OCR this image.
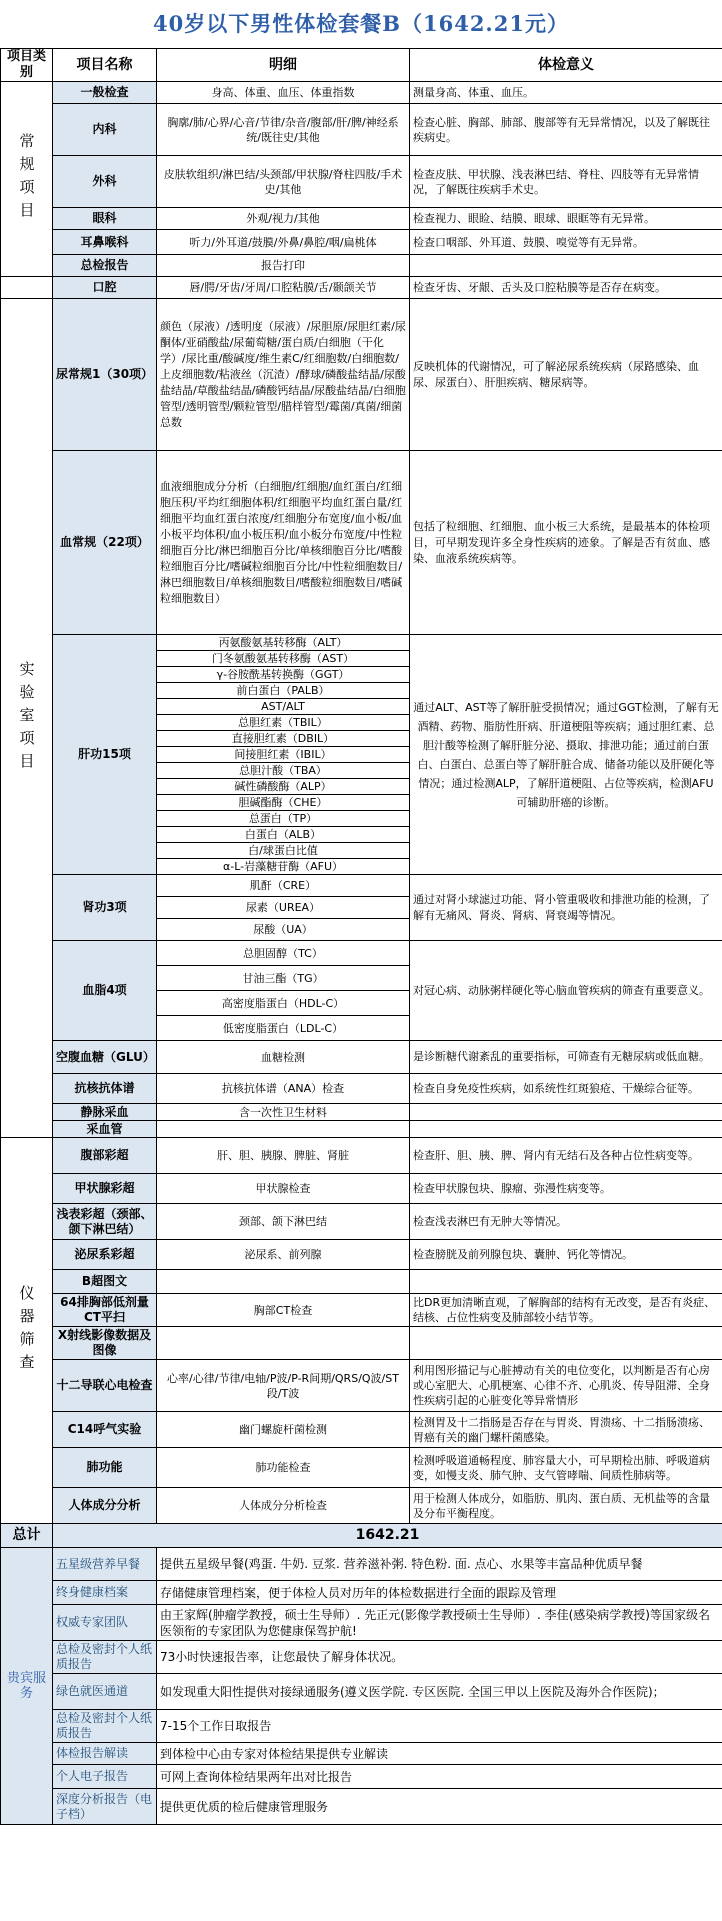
40岁以下男性体检套餐B（1642.21元）
项目类别	项目名称	明细	体检意义
常规项目	一般检查	身高、体重、血压、体重指数	测量身高、体重、血压。
	内科	胸廓/肺/心界/心音/节律/杂音/腹部/肝/脾/神经系统/既往史/其他	检查心脏、胸部、肺部、腹部等有无异常情况，以及了解既往疾病史。
	外科	皮肤软组织/淋巴结/头颈部/甲状腺/脊柱四肢/手术史/其他	检查皮肤、甲状腺、浅表淋巴结、脊柱、四肢等有无异常情况，了解既往疾病手术史。
	眼科	外观/视力/其他	检查视力、眼睑、结膜、眼球、眼眶等有无异常。
	耳鼻喉科	听力/外耳道/鼓膜/外鼻/鼻腔/咽/扁桃体	检查口咽部、外耳道、鼓膜、嗅觉等有无异常。
	总检报告	报告打印	
	口腔	唇/腭/牙齿/牙周/口腔粘膜/舌/颞颌关节	检查牙齿、牙龈、舌头及口腔粘膜等是否存在病变。
实验室项目	尿常规1（30项）	颜色（尿液）/透明度（尿液）/尿胆原/尿胆红素/尿酮体/亚硝酸盐/尿葡萄糖/蛋白质/白细胞（干化学）/尿比重/酸碱度/维生素C/红细胞数/白细胞数/上皮细胞数/粘液丝（沉渣）/酵球/磷酸盐结晶/尿酸盐结晶/草酸盐结晶/磷酸钙结晶/尿酸盐结晶/白细胞管型/透明管型/颗粒管型/腊样管型/霉菌/真菌/细菌总数	反映机体的代谢情况，可了解泌尿系统疾病（尿路感染、血尿、尿蛋白）、肝胆疾病、糖尿病等。
	血常规（22项）	血液细胞成分分析（白细胞/红细胞/血红蛋白/红细胞压积/平均红细胞体积/红细胞平均血红蛋白量/红细胞平均血红蛋白浓度/红细胞分布宽度/血小板/血小板平均体积/血小板压积/血小板分布宽度/中性粒细胞百分比/淋巴细胞百分比/单核细胞百分比/嗜酸粒细胞百分比/嗜碱粒细胞百分比/中性粒细胞数目/淋巴细胞数目/单核细胞数目/嗜酸粒细胞数目/嗜碱粒细胞数目）	包括了粒细胞、红细胞、血小板三大系统，是最基本的体检项目，可早期发现许多全身性疾病的迹象。了解是否有贫血、感染、血液系统疾病等。
	肝功15项	丙氨酸氨基转移酶（ALT）	通过ALT、AST等了解肝脏受损情况；通过GGT检测，了解有无酒精、药物、脂肪性肝病、肝道梗阻等疾病；通过胆红素、总胆汁酸等检测了解肝脏分泌、摄取、排泄功能；通过前白蛋白、白蛋白、总蛋白等了解肝脏合成、储备功能以及肝硬化等情况；通过检测ALP，了解肝道梗阻、占位等疾病，检测AFU可辅助肝癌的诊断。
		门冬氨酸氨基转移酶（AST）	
		γ-谷胺酰基转换酶（GGT）	
		前白蛋白（PALB）	
		AST/ALT	
		总胆红素（TBIL）	
		直接胆红素（DBIL）	
		间接胆红素（IBIL）	
		总胆汁酸（TBA）	
		碱性磷酸酶（ALP）	
		胆碱酯酶（CHE）	
		总蛋白（TP）	
		白蛋白（ALB）	
		白/球蛋白比值	
		α-L-岩藻糖苷酶（AFU）	
	肾功3项	肌酐（CRE）	通过对肾小球滤过功能、肾小管重吸收和排泄功能的检测，了解有无痛风、肾炎、肾病、肾衰竭等情况。
		尿素（UREA）	
		尿酸（UA）	
	血脂4项	总胆固醇（TC）	对冠心病、动脉粥样硬化等心脑血管疾病的筛查有重要意义。
		甘油三酯（TG）	
		高密度脂蛋白（HDL-C）	
		低密度脂蛋白（LDL-C）	
	空腹血糖（GLU）	血糖检测	是诊断糖代谢紊乱的重要指标，可筛查有无糖尿病或低血糖。
	抗核抗体谱	抗核抗体谱（ANA）检查	检查自身免疫性疾病，如系统性红斑狼疮、干燥综合征等。
	静脉采血	含一次性卫生材料	
	采血管		
仪器筛查	腹部彩超	肝、胆、胰腺、脾脏、肾脏	检查肝、胆、胰、脾、肾内有无结石及各种占位性病变等。
	甲状腺彩超	甲状腺检查	检查甲状腺包块、腺瘤、弥漫性病变等。
	浅表彩超（颈部、颌下淋巴结）	颈部、颌下淋巴结	检查浅表淋巴有无肿大等情况。
	泌尿系彩超	泌尿系、前列腺	检查膀胱及前列腺包块、囊肿、钙化等情况。
	B超图文		
	64排胸部低剂量CT平扫	胸部CT检查	比DR更加清晰直观，了解胸部的结构有无改变，是否有炎症、结核、占位性病变及肺部较小结节等。
	X射线影像数据及图像		
	十二导联心电检查	心率/心律/节律/电轴/P波/P-R间期/QRS/Q波/ST段/T波	利用图形描记与心脏搏动有关的电位变化，以判断是否有心房或心室肥大、心肌梗塞、心律不齐、心肌炎、传导阻滞、全身性疾病引起的心脏变化等异常情形
	C14呼气实验	幽门螺旋杆菌检测	检测胃及十二指肠是否存在与胃炎、胃溃疡、十二指肠溃疡、胃癌有关的幽门螺杆菌感染。
	肺功能	肺功能检查	检测呼吸道通畅程度、肺容量大小，可早期检出肺、呼吸道病变，如慢支炎、肺气肿、支气管哮喘、间质性肺病等。
	人体成分分析	人体成分分析检查	用于检测人体成分，如脂肪、肌肉、蛋白质、无机盐等的含量及分布平衡程度。
总计	1642.21		
贵宾服务	五星级营养早餐	提供五星级早餐(鸡蛋. 牛奶. 豆浆. 营养滋补粥. 特色粉. 面. 点心、水果等丰富品种优质早餐	
	终身健康档案	存储健康管理档案，便于体检人员对历年的体检数据进行全面的跟踪及管理	
	权威专家团队	由王家辉(肿瘤学教授，硕士生导师）. 先正元(影像学教授硕士生导师）. 李佳(感染病学教授)等国家级名医领衔的专家团队为您健康保驾护航!	
	总检及密封个人纸质报告	73小时快速报告率，让您最快了解身体状况。	
	绿色就医通道	如发现重大阳性提供对接绿通服务(遵义医学院. 专区医院. 全国三甲以上医院及海外合作医院)；	
	总检及密封个人纸质报告	7-15个工作日取报告	
	体检报告解读	到体检中心由专家对体检结果提供专业解读	
	个人电子报告	可网上查询体检结果两年出对比报告	
	深度分析报告（电子档）	提供更优质的检后健康管理服务	
